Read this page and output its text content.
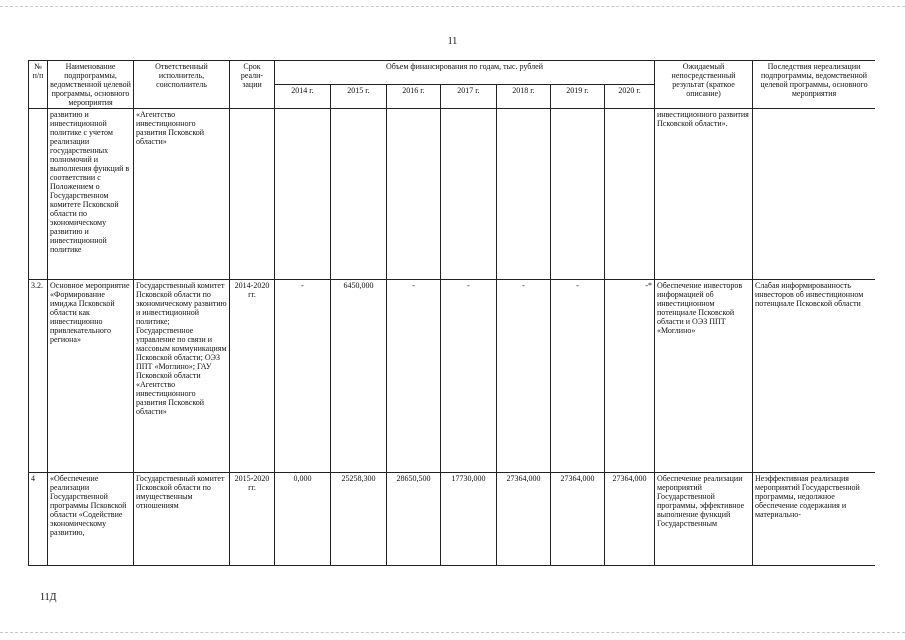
11
№ п/п	Наименование подпрограммы, ведомственной целевой программы, основного мероприятия	Ответственный исполнитель, соисполнитель	Срок реали-зации	Объем финансирования по годам, тыс. рублей							Ожидаемый непосредственный результат (краткое описание)	Последствия нереализации подпрограммы, ведомственной целевой программы, основного мероприятия
				2014 г.	2015 г.	2016 г.	2017 г.	2018 г.	2019 г.	2020 г.		
	развитию и инвестиционной политике с учетом реализации государственных полномочий и выполнения функций в соответствии с Положением о Государственном комитете Псковской области по экономическому развитию и инвестиционной политике	«Агентство инвестиционного развития Псковской области»									инвестиционного развития Псковской области».	
3.2.	Основное мероприятие «Формирование имиджа Псковской области как инвестиционно привлекательного региона»	Государственный комитет Псковской области по экономическому развитию и инвестиционной политике; Государственное управление по связи и массовым коммуникациям Псковской области; ОЭЗ ППТ «Моглино»; ГАУ Псковской области «Агентство инвестиционного развития Псковской области»	2014-2020 гг.	-	6450,000	-	-	-	-	-*	Обеспечение инвесторов информацией об инвестиционном потенциале Псковской области и ОЭЗ ППТ «Моглино»	Слабая информированность инвесторов об инвестиционном потенциале Псковской области
4	«Обеспечение реализации Государственной программы Псковской области «Содействие экономическому развитию,	Государственный комитет Псковской области по имущественным отношениям	2015-2020 гг.	0,000	25258,300	28650,500	17730,000	27364,000	27364,000	27364,000	Обеспечение реализации мероприятий Государственной программы, эффективное выполнение функций Государственным	Неэффективная реализация мероприятий Государственной программы, недолжное обеспечение содержания и материально-
11Д
